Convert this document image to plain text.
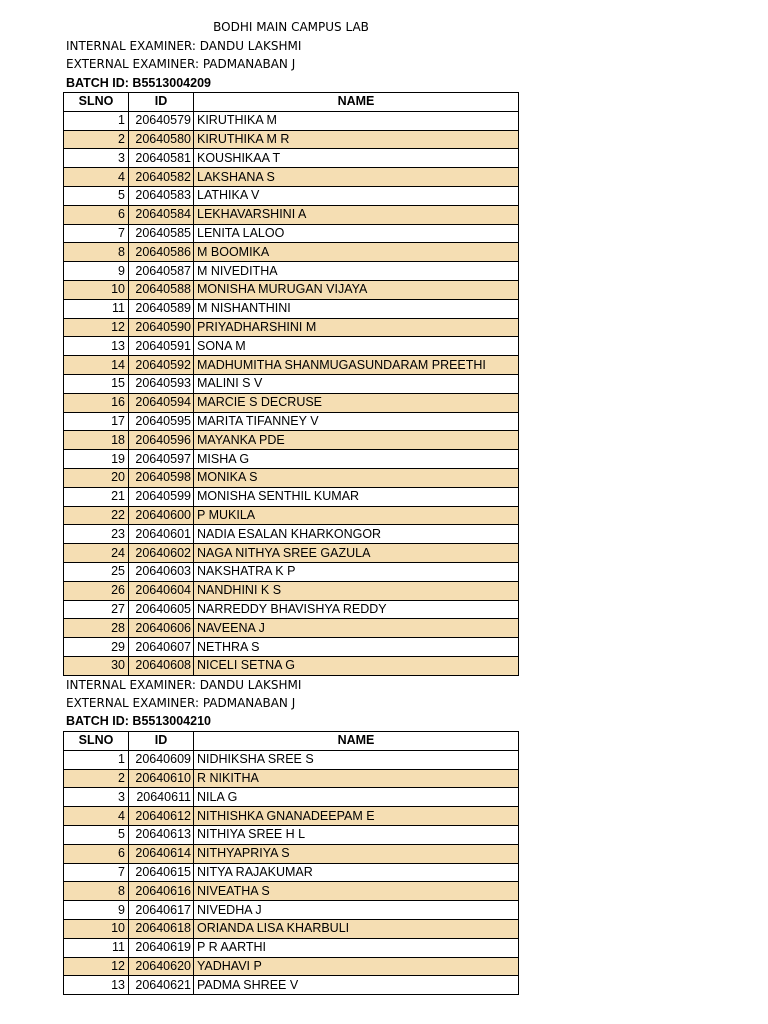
BODHI MAIN CAMPUS LAB
INTERNAL EXAMINER: DANDU LAKSHMI
EXTERNAL EXAMINER: PADMANABAN J
BATCH ID: B5513004209
SLNO	ID	NAME
1	20640579	KIRUTHIKA M
2	20640580	KIRUTHIKA M R
3	20640581	KOUSHIKAA T
4	20640582	LAKSHANA S
5	20640583	LATHIKA V
6	20640584	LEKHAVARSHINI A
7	20640585	LENITA LALOO
8	20640586	M BOOMIKA
9	20640587	M NIVEDITHA
10	20640588	MONISHA MURUGAN VIJAYA
11	20640589	M NISHANTHINI
12	20640590	PRIYADHARSHINI M
13	20640591	SONA M
14	20640592	MADHUMITHA SHANMUGASUNDARAM PREETHI
15	20640593	MALINI S V
16	20640594	MARCIE S DECRUSE
17	20640595	MARITA TIFANNEY V
18	20640596	MAYANKA PDE
19	20640597	MISHA G
20	20640598	MONIKA S
21	20640599	MONISHA SENTHIL KUMAR
22	20640600	P MUKILA
23	20640601	NADIA ESALAN KHARKONGOR
24	20640602	NAGA NITHYA SREE GAZULA
25	20640603	NAKSHATRA K P
26	20640604	NANDHINI K S
27	20640605	NARREDDY BHAVISHYA REDDY
28	20640606	NAVEENA J
29	20640607	NETHRA S
30	20640608	NICELI SETNA G
INTERNAL EXAMINER: DANDU LAKSHMI
EXTERNAL EXAMINER: PADMANABAN J
BATCH ID: B5513004210
SLNO	ID	NAME
1	20640609	NIDHIKSHA SREE S
2	20640610	R NIKITHA
3	20640611	NILA G
4	20640612	NITHISHKA GNANADEEPAM E
5	20640613	NITHIYA SREE H L
6	20640614	NITHYAPRIYA S
7	20640615	NITYA RAJAKUMAR
8	20640616	NIVEATHA S
9	20640617	NIVEDHA J
10	20640618	ORIANDA LISA KHARBULI
11	20640619	P R AARTHI
12	20640620	YADHAVI P
13	20640621	PADMA SHREE V
